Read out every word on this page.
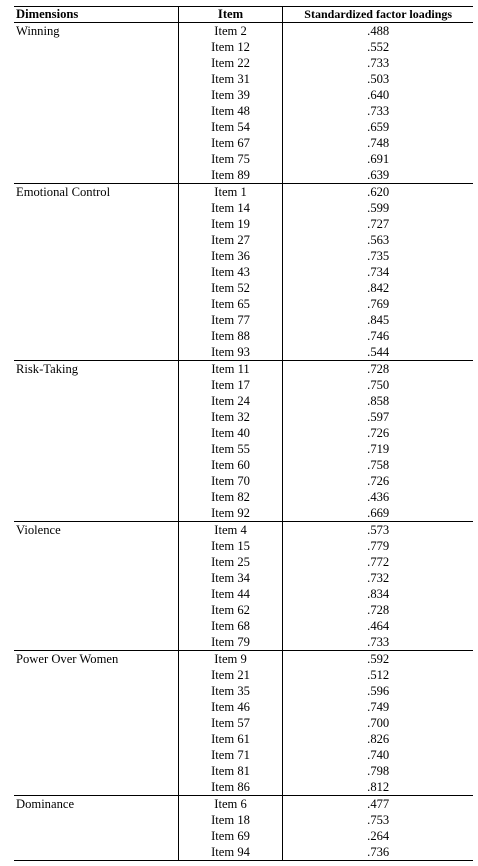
Dimensions	Item	Standardized factor loadings
Winning	Item 2	.488
Item 12	.552
Item 22	.733
Item 31	.503
Item 39	.640
Item 48	.733
Item 54	.659
Item 67	.748
Item 75	.691
Item 89	.639
Emotional Control	Item 1	.620
Item 14	.599
Item 19	.727
Item 27	.563
Item 36	.735
Item 43	.734
Item 52	.842
Item 65	.769
Item 77	.845
Item 88	.746
Item 93	.544
Risk-Taking	Item 11	.728
Item 17	.750
Item 24	.858
Item 32	.597
Item 40	.726
Item 55	.719
Item 60	.758
Item 70	.726
Item 82	.436
Item 92	.669
Violence	Item 4	.573
Item 15	.779
Item 25	.772
Item 34	.732
Item 44	.834
Item 62	.728
Item 68	.464
Item 79	.733
Power Over Women	Item 9	.592
Item 21	.512
Item 35	.596
Item 46	.749
Item 57	.700
Item 61	.826
Item 71	.740
Item 81	.798
Item 86	.812
Dominance	Item 6	.477
Item 18	.753
Item 69	.264
Item 94	.736
